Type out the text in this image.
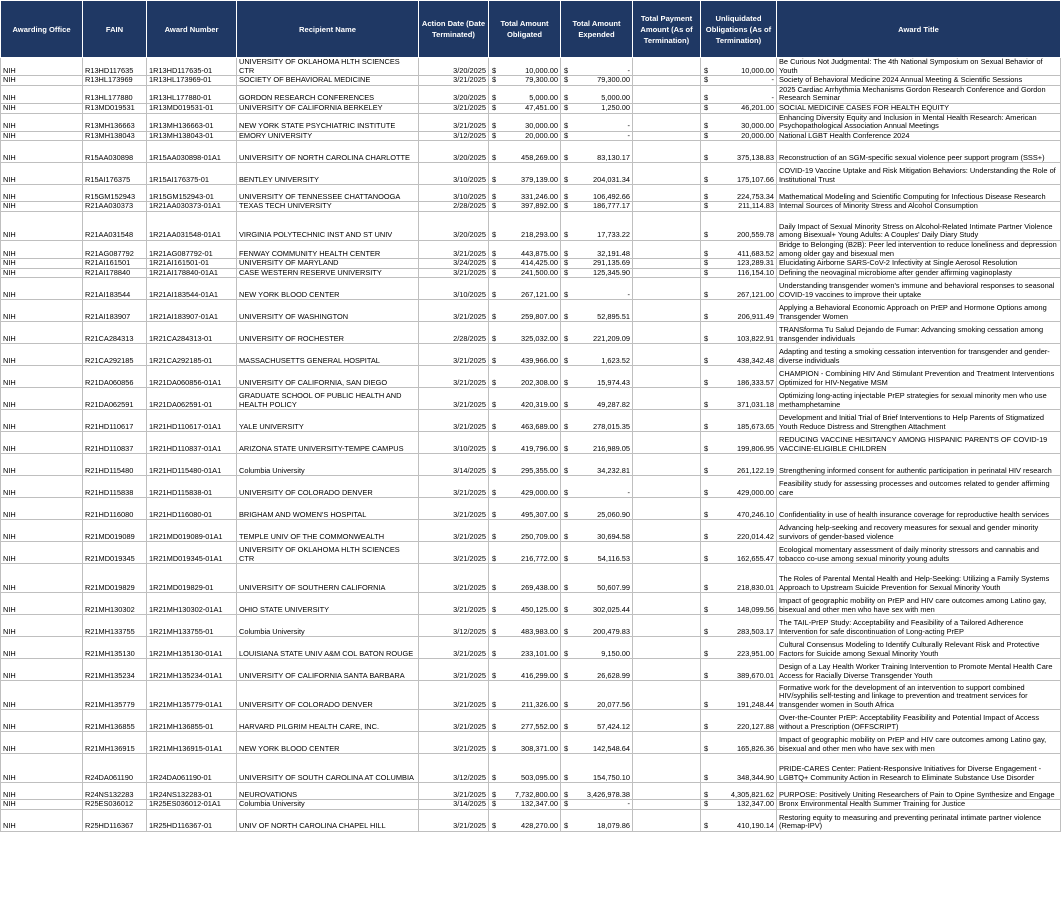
Awarding Office	FAIN	Award Number	Recipient Name	Action Date (Date Terminated)	Total Amount Obligated	Total Amount Expended	Total Payment Amount (As of Termination)	Unliquidated Obligations (As of Termination)	Award Title
NIH	R13HD117635	1R13HD117635-01	UNIVERSITY OF OKLAHOMA HLTH SCIENCES CTR	3/20/2025	$ 10,000.00	$ -		$ 10,000.00	Be Curious Not Judgmental: The 4th National Symposium on Sexual Behavior of Youth
NIH	R13HL173969	1R13HL173969-01	SOCIETY OF BEHAVIORAL MEDICINE	3/21/2025	$ 79,300.00	$ 79,300.00		$ -	Society of Behavioral Medicine 2024 Annual Meeting & Scientific Sessions
NIH	R13HL177880	1R13HL177880-01	GORDON RESEARCH CONFERENCES	3/20/2025	$ 5,000.00	$ 5,000.00		$ -	2025 Cardiac Arrhythmia Mechanisms Gordon Research Conference and Gordon Research Seminar
NIH	R13MD019531	1R13MD019531-01	UNIVERSITY OF CALIFORNIA BERKELEY	3/21/2025	$ 47,451.00	$ 1,250.00		$ 46,201.00	SOCIAL MEDICINE CASES FOR HEALTH EQUITY
NIH	R13MH136663	1R13MH136663-01	NEW YORK STATE PSYCHIATRIC INSTITUTE	3/21/2025	$ 30,000.00	$ -		$ 30,000.00	Enhancing Diversity Equity and Inclusion in Mental Health Research: American Psychopathological Association Annual Meetings
NIH	R13MH138043	1R13MH138043-01	EMORY UNIVERSITY	3/12/2025	$ 20,000.00	$ -		$ 20,000.00	National LGBT Health Conference 2024
NIH	R15AA030898	1R15AA030898-01A1	UNIVERSITY OF NORTH CAROLINA CHARLOTTE	3/20/2025	$ 458,269.00	$ 83,130.17		$ 375,138.83	Reconstruction of an SGM-specific sexual violence peer support program (SSS+)
NIH	R15AI176375	1R15AI176375-01	BENTLEY UNIVERSITY	3/10/2025	$ 379,139.00	$ 204,031.34		$ 175,107.66	COVID-19 Vaccine Uptake and Risk Mitigation Behaviors: Understanding the Role of Institutional Trust
NIH	R15GM152943	1R15GM152943-01	UNIVERSITY OF TENNESSEE CHATTANOOGA	3/10/2025	$ 331,246.00	$ 106,492.66		$ 224,753.34	Mathematical Modeling and Scientific Computing for Infectious Disease Research
NIH	R21AA030373	1R21AA030373-01A1	TEXAS TECH UNIVERSITY	2/28/2025	$ 397,892.00	$ 186,777.17		$ 211,114.83	Internal Sources of Minority Stress and Alcohol Consumption
NIH	R21AA031548	1R21AA031548-01A1	VIRGINIA POLYTECHNIC INST AND ST UNIV	3/20/2025	$ 218,293.00	$ 17,733.22		$ 200,559.78	Daily Impact of Sexual Minority Stress on Alcohol-Related Intimate Partner Violence among Bisexual+ Young Adults: A Couples' Daily Diary Study
NIH	R21AG087792	1R21AG087792-01	FENWAY COMMUNITY HEALTH CENTER	3/21/2025	$ 443,875.00	$ 32,191.48		$ 411,683.52	Bridge to Belonging (B2B): Peer led intervention to reduce loneliness and depression among older gay and bisexual men
NIH	R21AI161501	1R21AI161501-01	UNIVERSITY OF MARYLAND	3/24/2025	$ 414,425.00	$ 291,135.69		$ 123,289.31	Elucidating Airborne SARS-CoV-2 Infectivity at Single Aerosol Resolution
NIH	R21AI178840	1R21AI178840-01A1	CASE WESTERN RESERVE UNIVERSITY	3/21/2025	$ 241,500.00	$ 125,345.90		$ 116,154.10	Defining the neovaginal microbiome after gender affirming vaginoplasty
NIH	R21AI183544	1R21AI183544-01A1	NEW YORK BLOOD CENTER	3/10/2025	$ 267,121.00	$ -		$ 267,121.00	Understanding transgender women's immune and behavioral responses to seasonal COVID-19 vaccines to improve their uptake
NIH	R21AI183907	1R21AI183907-01A1	UNIVERSITY OF WASHINGTON	3/21/2025	$ 259,807.00	$ 52,895.51		$ 206,911.49	Applying a Behavioral Economic Approach on PrEP and Hormone Options among Transgender Women
NIH	R21CA284313	1R21CA284313-01	UNIVERSITY OF ROCHESTER	2/28/2025	$ 325,032.00	$ 221,209.09		$ 103,822.91	TRANSforma Tu Salud Dejando de Fumar: Advancing smoking cessation among transgender individuals
NIH	R21CA292185	1R21CA292185-01	MASSACHUSETTS GENERAL HOSPITAL	3/21/2025	$ 439,966.00	$ 1,623.52		$ 438,342.48	Adapting and testing a smoking cessation intervention for transgender and gender-diverse individuals
NIH	R21DA060856	1R21DA060856-01A1	UNIVERSITY OF CALIFORNIA, SAN DIEGO	3/21/2025	$ 202,308.00	$ 15,974.43		$ 186,333.57	CHAMPION - Combining HIV And Stimulant Prevention and Treatment Interventions Optimized for HIV-Negative MSM
NIH	R21DA062591	1R21DA062591-01	GRADUATE SCHOOL OF PUBLIC HEALTH AND HEALTH POLICY	3/21/2025	$ 420,319.00	$ 49,287.82		$ 371,031.18	Optimizing long-acting injectable PrEP strategies for sexual minority men who use methamphetamine
NIH	R21HD110617	1R21HD110617-01A1	YALE UNIVERSITY	3/21/2025	$ 463,689.00	$ 278,015.35		$ 185,673.65	Development and Initial Trial of Brief Interventions to Help Parents of Stigmatized Youth Reduce Distress and Strengthen Attachment
NIH	R21HD110837	1R21HD110837-01A1	ARIZONA STATE UNIVERSITY-TEMPE CAMPUS	3/10/2025	$ 419,796.00	$ 216,989.05		$ 199,806.95	REDUCING VACCINE HESITANCY AMONG HISPANIC PARENTS OF COVID-19 VACCINE-ELIGIBLE CHILDREN
NIH	R21HD115480	1R21HD115480-01A1	Columbia University	3/14/2025	$ 295,355.00	$ 34,232.81		$ 261,122.19	Strengthening informed consent for authentic participation in perinatal HIV research
NIH	R21HD115838	1R21HD115838-01	UNIVERSITY OF COLORADO DENVER	3/21/2025	$ 429,000.00	$ -		$ 429,000.00	Feasibility study for assessing processes and outcomes related to gender affirming care
NIH	R21HD116080	1R21HD116080-01	BRIGHAM AND WOMEN'S HOSPITAL	3/21/2025	$ 495,307.00	$ 25,060.90		$ 470,246.10	Confidentiality in use of health insurance coverage for reproductive health services
NIH	R21MD019089	1R21MD019089-01A1	TEMPLE UNIV OF THE COMMONWEALTH	3/21/2025	$ 250,709.00	$ 30,694.58		$ 220,014.42	Advancing help-seeking and recovery measures for sexual and gender minority survivors of gender-based violence
NIH	R21MD019345	1R21MD019345-01A1	UNIVERSITY OF OKLAHOMA HLTH SCIENCES CTR	3/21/2025	$ 216,772.00	$ 54,116.53		$ 162,655.47	Ecological momentary assessment of daily minority stressors and cannabis and tobacco co-use among sexual minority young adults
NIH	R21MD019829	1R21MD019829-01	UNIVERSITY OF SOUTHERN CALIFORNIA	3/21/2025	$ 269,438.00	$ 50,607.99		$ 218,830.01	The Roles of Parental Mental Health and Help-Seeking: Utilizing a Family Systems Approach to Upstream Suicide Prevention for Sexual Minority Youth
NIH	R21MH130302	1R21MH130302-01A1	OHIO STATE UNIVERSITY	3/21/2025	$ 450,125.00	$ 302,025.44		$ 148,099.56	Impact of geographic mobility on PrEP and HIV care outcomes among Latino gay, bisexual and other men who have sex with men
NIH	R21MH133755	1R21MH133755-01	Columbia University	3/12/2025	$ 483,983.00	$ 200,479.83		$ 283,503.17	The TAIL-PrEP Study: Acceptability and Feasibility of a Tailored Adherence Intervention for safe discontinuation of Long-acting PrEP
NIH	R21MH135130	1R21MH135130-01A1	LOUISIANA STATE UNIV A&M COL BATON ROUGE	3/21/2025	$ 233,101.00	$ 9,150.00		$ 223,951.00	Cultural Consensus Modeling to Identify Culturally Relevant Risk and Protective Factors for Suicide among Sexual Minority Youth
NIH	R21MH135234	1R21MH135234-01A1	UNIVERSITY OF CALIFORNIA SANTA BARBARA	3/21/2025	$ 416,299.00	$ 26,628.99		$ 389,670.01	Design of a Lay Health Worker Training Intervention to Promote Mental Health Care Access for Racially Diverse Transgender Youth
NIH	R21MH135779	1R21MH135779-01A1	UNIVERSITY OF COLORADO DENVER	3/21/2025	$ 211,326.00	$ 20,077.56		$ 191,248.44	Formative work for the development of an intervention to support combined HIV/syphilis self-testing and linkage to prevention and treatment services for transgender women in South Africa
NIH	R21MH136855	1R21MH136855-01	HARVARD PILGRIM HEALTH CARE, INC.	3/21/2025	$ 277,552.00	$ 57,424.12		$ 220,127.88	Over-the-Counter PrEP: Acceptability Feasibility and Potential Impact of Access without a Prescription (OFFSCRIPT)
NIH	R21MH136915	1R21MH136915-01A1	NEW YORK BLOOD CENTER	3/21/2025	$ 308,371.00	$ 142,548.64		$ 165,826.36	Impact of geographic mobility on PrEP and HIV care outcomes among Latino gay, bisexual and other men who have sex with men
NIH	R24DA061190	1R24DA061190-01	UNIVERSITY OF SOUTH CAROLINA AT COLUMBIA	3/12/2025	$ 503,095.00	$ 154,750.10		$ 348,344.90	PRIDE-CARES Center: Patient-Responsive Initiatives for Diverse Engagement - LGBTQ+ Community Action in Research to Eliminate Substance Use Disorder
NIH	R24NS132283	1R24NS132283-01	NEUROVATIONS	3/21/2025	$ 7,732,800.00	$ 3,426,978.38		$ 4,305,821.62	PURPOSE: Positively Uniting Researchers of Pain to Opine Synthesize and Engage
NIH	R25ES036012	1R25ES036012-01A1	Columbia University	3/14/2025	$ 132,347.00	$ -		$ 132,347.00	Bronx Environmental Health Summer Training for Justice
NIH	R25HD116367	1R25HD116367-01	UNIV OF NORTH CAROLINA CHAPEL HILL	3/21/2025	$ 428,270.00	$ 18,079.86		$ 410,190.14	Restoring equity to measuring and preventing perinatal intimate partner violence (Remap-IPV)
